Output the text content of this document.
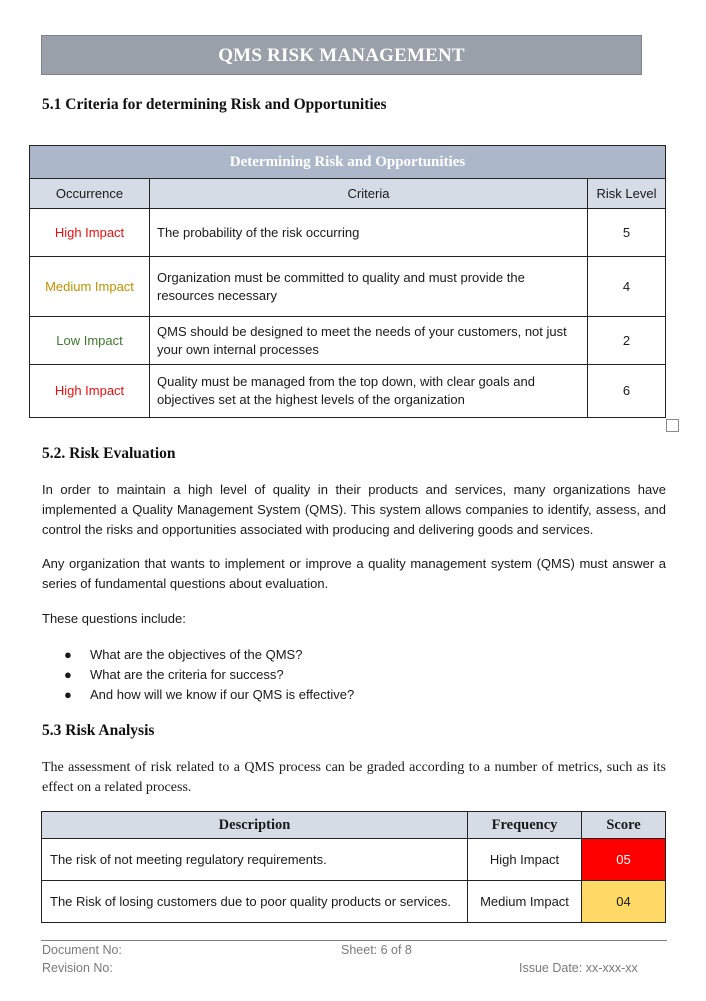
QMS RISK MANAGEMENT
5.1 Criteria for determining Risk and Opportunities
Determining Risk and Opportunities		
Occurrence	Criteria	Risk Level
High Impact	The probability of the risk occurring	5
Medium Impact	Organization must be committed to quality and must provide the resources necessary	4
Low Impact	QMS should be designed to meet the needs of your customers, not just your own internal processes	2
High Impact	Quality must be managed from the top down, with clear goals and objectives set at the highest levels of the organization	6
5.2. Risk Evaluation

In order to maintain a high level of quality in their products and services, many organizations have implemented a Quality Management System (QMS). This system allows companies to identify, assess, and control the risks and opportunities associated with producing and delivering goods and services.

Any organization that wants to implement or improve a quality management system (QMS) must answer a series of fundamental questions about evaluation.

These questions include:

● What are the objectives of the QMS?
● What are the criteria for success?
● And how will we know if our QMS is effective?
5.3 Risk Analysis

The assessment of risk related to a QMS process can be graded according to a number of metrics, such as its effect on a related process.

Description	Frequency	Score
The risk of not meeting regulatory requirements.	High Impact	05
The Risk of losing customers due to poor quality products or services.	Medium Impact	04
Document No:	Sheet: 6 of 8
Revision No:	Issue Date: xx-xxx-xx
